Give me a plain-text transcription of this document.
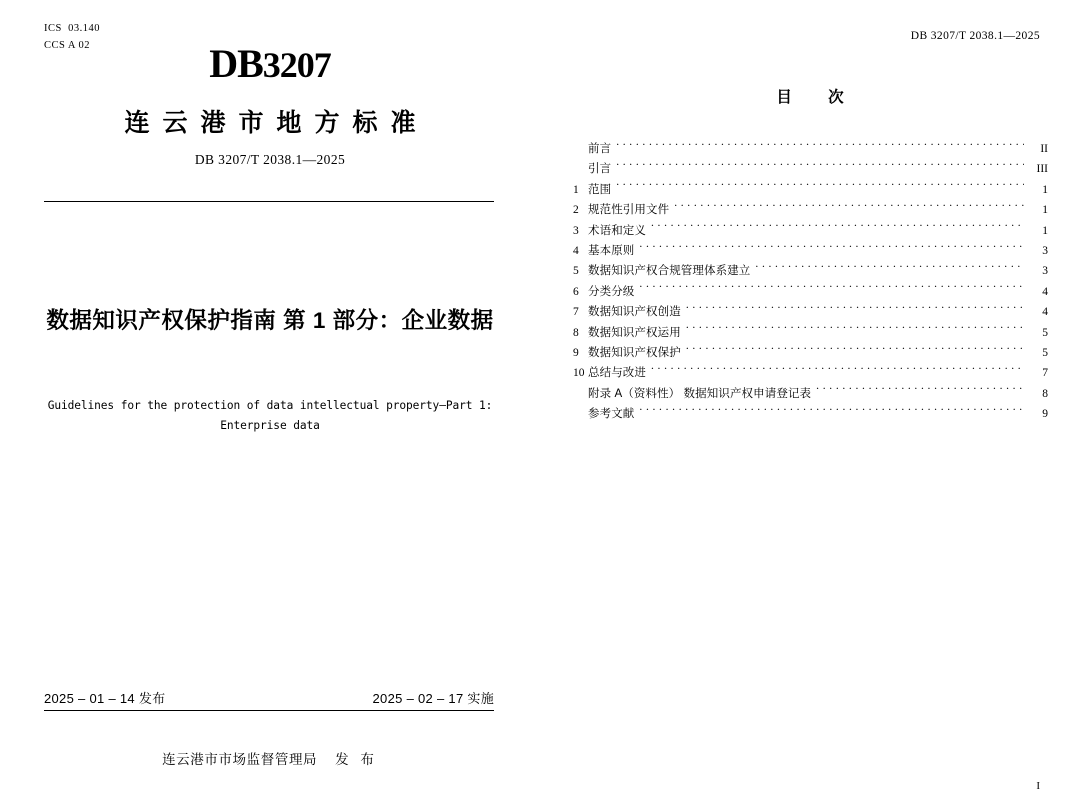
ICS  03.140
CCS A 02	DB3207
连云港市地方标准
DB 3207/T 2038.1—2025
数据知识产权保护指南 第 1 部分：企业数据
Guidelines for the protection of data intellectual property—Part 1:
Enterprise data
2025 – 01 – 14 发布	2025 – 02 – 17 实施
连云港市市场监督管理局 发 布
DB 3207/T 2038.1—2025
目 次
前言 . . .	II
引言 . . .	III
1 范围 . . .	1
2 规范性引用文件 . . .	1
3 术语和定义 . . .	1
4 基本原则 . . .	3
5 数据知识产权合规管理体系建立 . . .	3
6 分类分级 . . .	4
7 数据知识产权创造 . . .	4
8 数据知识产权运用 . . .	5
9 数据知识产权保护 . . .	5
10 总结与改进 . . .	7
附录 A（资料性） 数据知识产权申请登记表 . . .	8
参考文献 . . .	9
I
